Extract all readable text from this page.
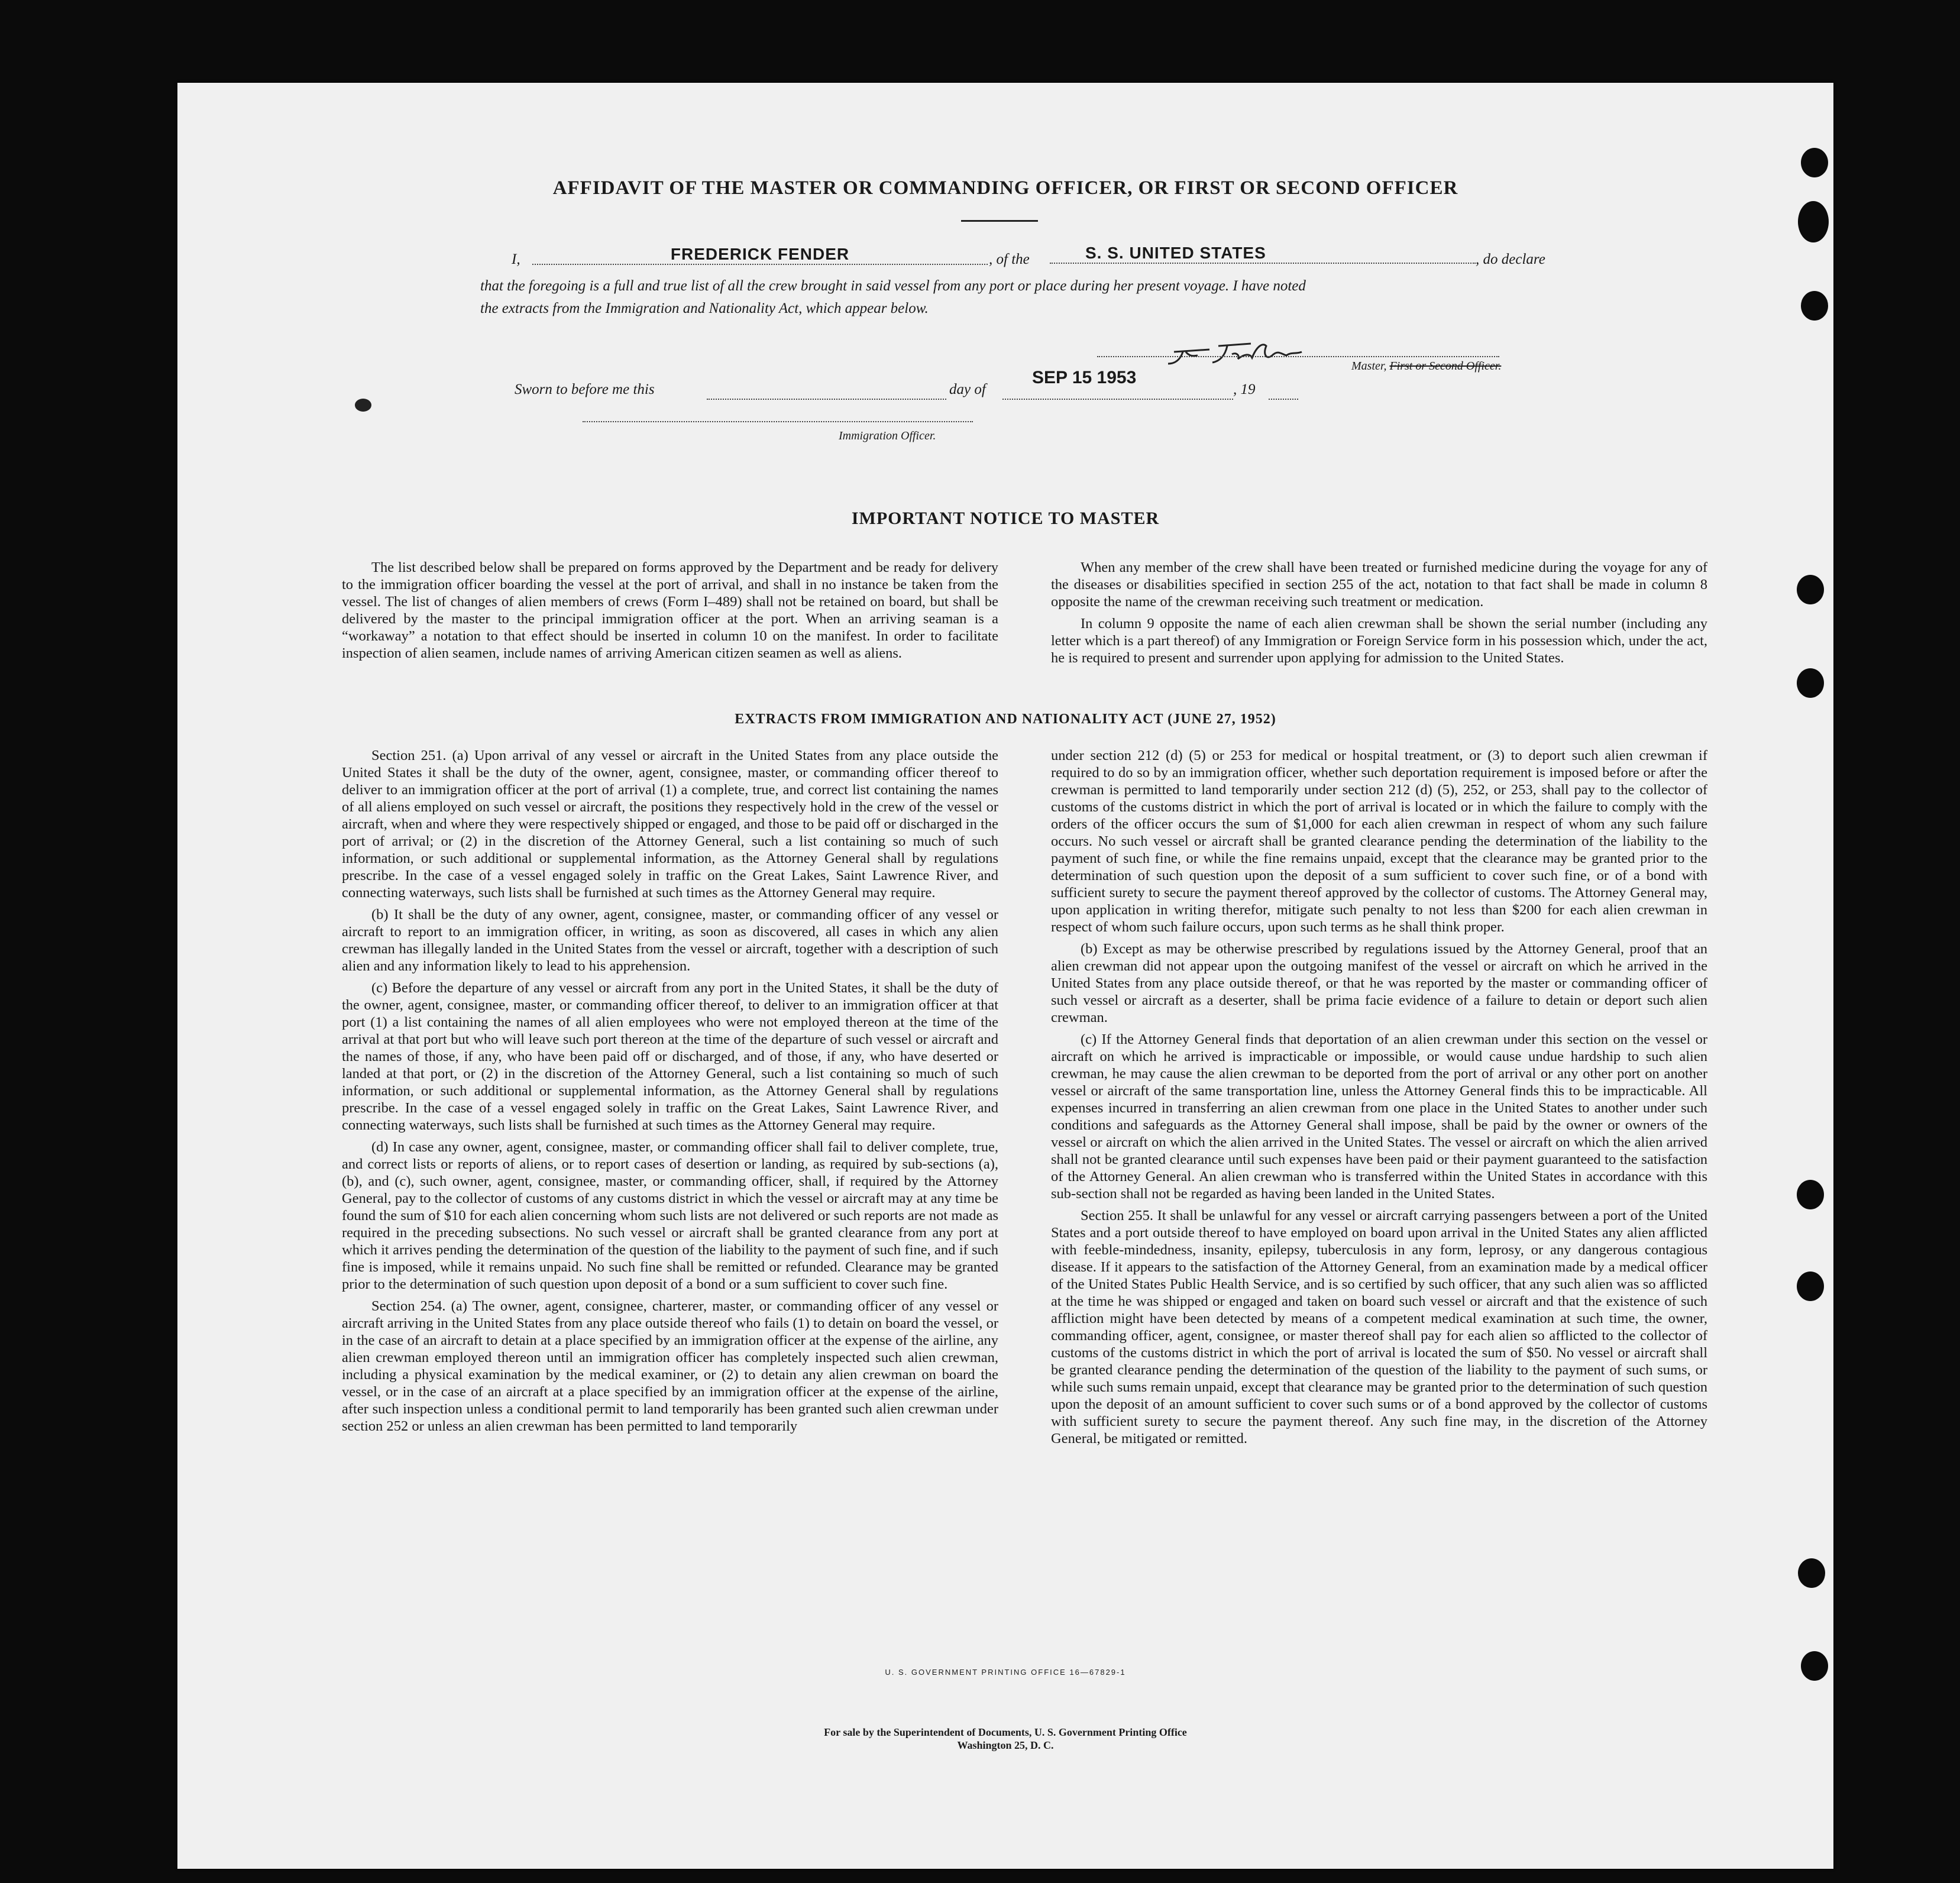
AFFIDAVIT OF THE MASTER OR COMMANDING OFFICER, OR FIRST OR SECOND OFFICER
I,	FREDERICK FENDER	, of the	S. S. UNITED STATES	, do declare
that the foregoing is a full and true list of all the crew brought in said vessel from any port or place during her present voyage. I have noted
the extracts from the Immigration and Nationality Act, which appear below.
Master, First or Second Officer.
Sworn to before me this	day of
SEP 15 1953
, 19
Immigration Officer.
IMPORTANT NOTICE TO MASTER

The list described below shall be prepared on forms approved by the Department and be ready for delivery to the immigration officer boarding the vessel at the port of arrival, and shall in no instance be taken from the vessel. The list of changes of alien members of crews (Form I–489) shall not be retained on board, but shall be delivered by the master to the principal immigration officer at the port. When an arriving seaman is a “workaway” a notation to that effect should be inserted in column 10 on the manifest. In order to facilitate inspection of alien seamen, include names of arriving American citizen seamen as well as aliens.

When any member of the crew shall have been treated or furnished medicine during the voyage for any of the diseases or disabilities specified in section 255 of the act, notation to that fact shall be made in column 8 opposite the name of the crewman receiving such treatment or medication.

In column 9 opposite the name of each alien crewman shall be shown the serial number (including any letter which is a part thereof) of any Immigration or Foreign Service form in his possession which, under the act, he is required to present and surrender upon applying for admission to the United States.

EXTRACTS FROM IMMIGRATION AND NATIONALITY ACT (JUNE 27, 1952)

Section 251. (a) Upon arrival of any vessel or aircraft in the United States from any place outside the United States it shall be the duty of the owner, agent, consignee, master, or commanding officer thereof to deliver to an immigration officer at the port of arrival (1) a complete, true, and correct list containing the names of all aliens employed on such vessel or aircraft, the positions they respectively hold in the crew of the vessel or aircraft, when and where they were respectively shipped or engaged, and those to be paid off or discharged in the port of arrival; or (2) in the discretion of the Attorney General, such a list containing so much of such information, or such additional or supplemental information, as the Attorney General shall by regulations prescribe. In the case of a vessel engaged solely in traffic on the Great Lakes, Saint Lawrence River, and connecting waterways, such lists shall be furnished at such times as the Attorney General may require.

(b) It shall be the duty of any owner, agent, consignee, master, or commanding officer of any vessel or aircraft to report to an immigration officer, in writing, as soon as discovered, all cases in which any alien crewman has illegally landed in the United States from the vessel or aircraft, together with a description of such alien and any information likely to lead to his apprehension.

(c) Before the departure of any vessel or aircraft from any port in the United States, it shall be the duty of the owner, agent, consignee, master, or commanding officer thereof, to deliver to an immigration officer at that port (1) a list containing the names of all alien employees who were not employed thereon at the time of the arrival at that port but who will leave such port thereon at the time of the departure of such vessel or aircraft and the names of those, if any, who have been paid off or discharged, and of those, if any, who have deserted or landed at that port, or (2) in the discretion of the Attorney General, such a list containing so much of such information, or such additional or supplemental information, as the Attorney General shall by regulations prescribe. In the case of a vessel engaged solely in traffic on the Great Lakes, Saint Lawrence River, and connecting waterways, such lists shall be furnished at such times as the Attorney General may require.

(d) In case any owner, agent, consignee, master, or commanding officer shall fail to deliver complete, true, and correct lists or reports of aliens, or to report cases of desertion or landing, as required by sub-sections (a), (b), and (c), such owner, agent, consignee, master, or commanding officer, shall, if required by the Attorney General, pay to the collector of customs of any customs district in which the vessel or aircraft may at any time be found the sum of $10 for each alien concerning whom such lists are not delivered or such reports are not made as required in the preceding subsections. No such vessel or aircraft shall be granted clearance from any port at which it arrives pending the determination of the question of the liability to the payment of such fine, and if such fine is imposed, while it remains unpaid. No such fine shall be remitted or refunded. Clearance may be granted prior to the determination of such question upon deposit of a bond or a sum sufficient to cover such fine.

Section 254. (a) The owner, agent, consignee, charterer, master, or commanding officer of any vessel or aircraft arriving in the United States from any place outside thereof who fails (1) to detain on board the vessel, or in the case of an aircraft to detain at a place specified by an immigration officer at the expense of the airline, any alien crewman employed thereon until an immigration officer has completely inspected such alien crewman, including a physical examination by the medical examiner, or (2) to detain any alien crewman on board the vessel, or in the case of an aircraft at a place specified by an immigration officer at the expense of the airline, after such inspection unless a conditional permit to land temporarily has been granted such alien crewman under section 252 or unless an alien crewman has been permitted to land temporarily

under section 212 (d) (5) or 253 for medical or hospital treatment, or (3) to deport such alien crewman if required to do so by an immigration officer, whether such deportation requirement is imposed before or after the crewman is permitted to land temporarily under section 212 (d) (5), 252, or 253, shall pay to the collector of customs of the customs district in which the port of arrival is located or in which the failure to comply with the orders of the officer occurs the sum of $1,000 for each alien crewman in respect of whom any such failure occurs. No such vessel or aircraft shall be granted clearance pending the determination of the liability to the payment of such fine, or while the fine remains unpaid, except that the clearance may be granted prior to the determination of such question upon the deposit of a sum sufficient to cover such fine, or of a bond with sufficient surety to secure the payment thereof approved by the collector of customs. The Attorney General may, upon application in writing therefor, mitigate such penalty to not less than $200 for each alien crewman in respect of whom such failure occurs, upon such terms as he shall think proper.

(b) Except as may be otherwise prescribed by regulations issued by the Attorney General, proof that an alien crewman did not appear upon the outgoing manifest of the vessel or aircraft on which he arrived in the United States from any place outside thereof, or that he was reported by the master or commanding officer of such vessel or aircraft as a deserter, shall be prima facie evidence of a failure to detain or deport such alien crewman.

(c) If the Attorney General finds that deportation of an alien crewman under this section on the vessel or aircraft on which he arrived is impracticable or impossible, or would cause undue hardship to such alien crewman, he may cause the alien crewman to be deported from the port of arrival or any other port on another vessel or aircraft of the same transportation line, unless the Attorney General finds this to be impracticable. All expenses incurred in transferring an alien crewman from one place in the United States to another under such conditions and safeguards as the Attorney General shall impose, shall be paid by the owner or owners of the vessel or aircraft on which the alien arrived in the United States. The vessel or aircraft on which the alien arrived shall not be granted clearance until such expenses have been paid or their payment guaranteed to the satisfaction of the Attorney General. An alien crewman who is transferred within the United States in accordance with this sub-section shall not be regarded as having been landed in the United States.

Section 255. It shall be unlawful for any vessel or aircraft carrying passengers between a port of the United States and a port outside thereof to have employed on board upon arrival in the United States any alien afflicted with feeble-mindedness, insanity, epilepsy, tuberculosis in any form, leprosy, or any dangerous contagious disease. If it appears to the satisfaction of the Attorney General, from an examination made by a medical officer of the United States Public Health Service, and is so certified by such officer, that any such alien was so afflicted at the time he was shipped or engaged and taken on board such vessel or aircraft and that the existence of such affliction might have been detected by means of a competent medical examination at such time, the owner, commanding officer, agent, consignee, or master thereof shall pay for each alien so afflicted to the collector of customs of the customs district in which the port of arrival is located the sum of $50. No vessel or aircraft shall be granted clearance pending the determination of the question of the liability to the payment of such sums, or while such sums remain unpaid, except that clearance may be granted prior to the determination of such question upon the deposit of an amount sufficient to cover such sums or of a bond approved by the collector of customs with sufficient surety to secure the payment thereof. Any such fine may, in the discretion of the Attorney General, be mitigated or remitted.

U. S. GOVERNMENT PRINTING OFFICE 16—67829-1
For sale by the Superintendent of Documents, U. S. Government Printing Office
Washington 25, D. C.
